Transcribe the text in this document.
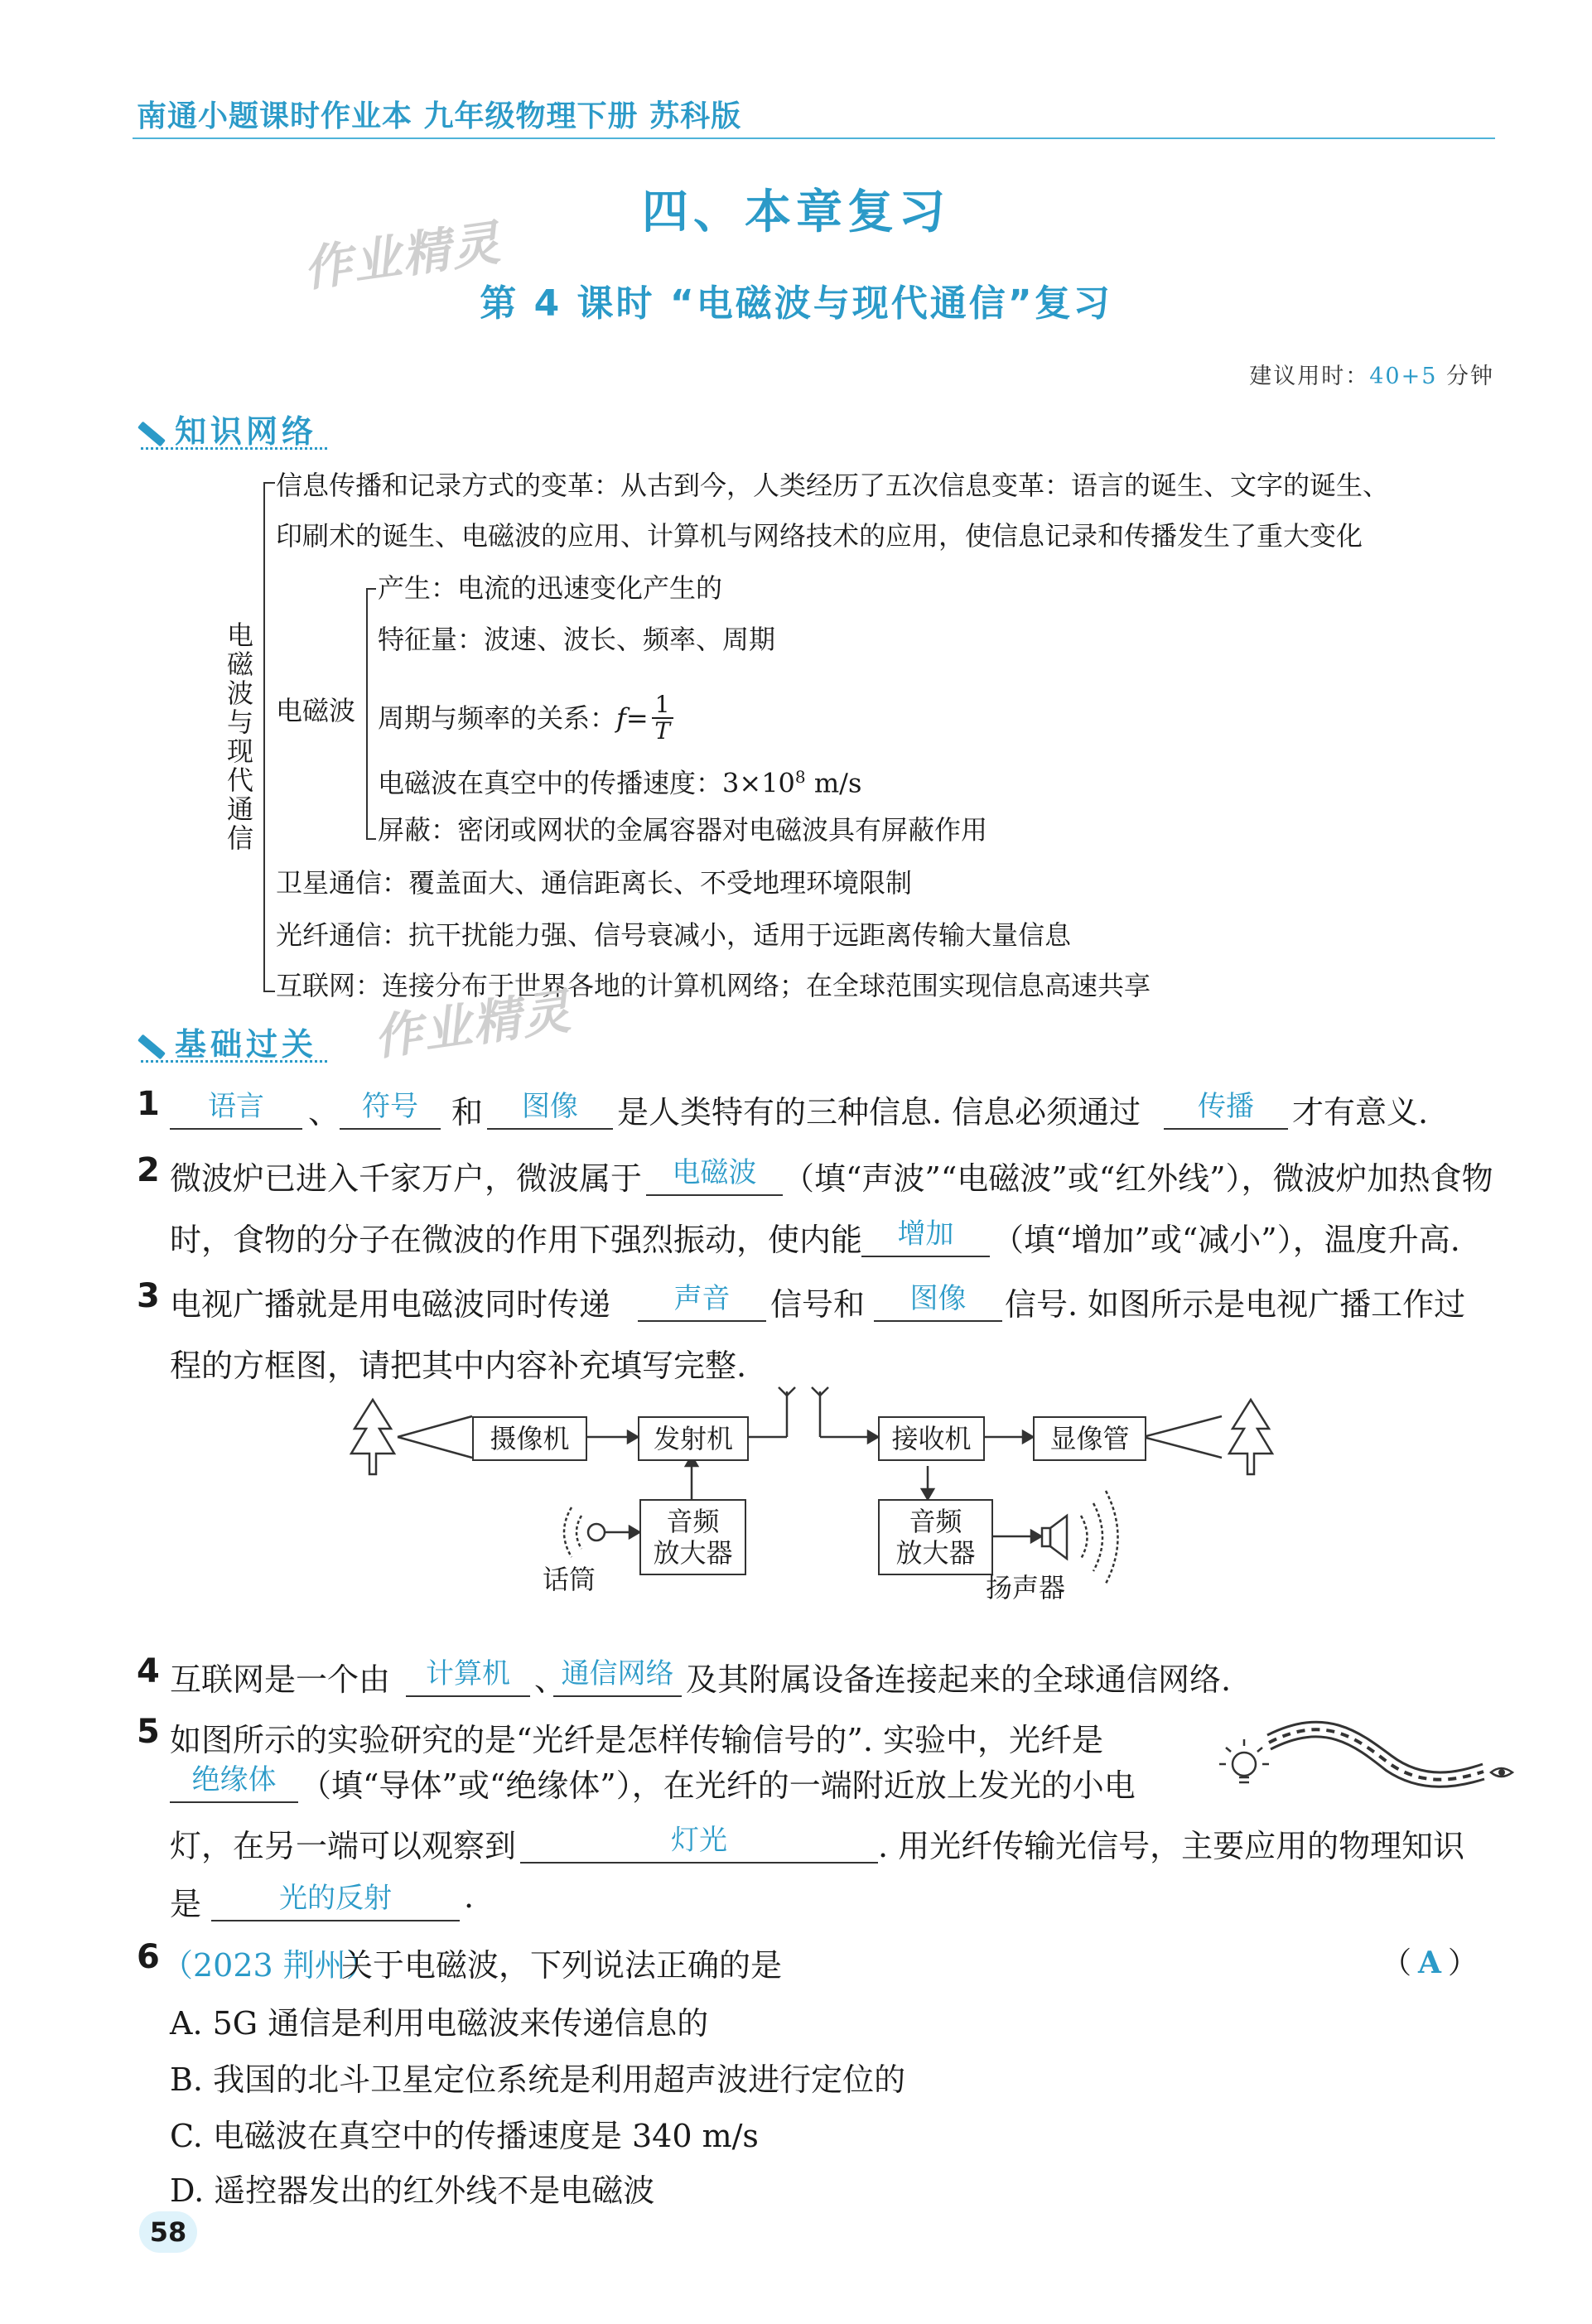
南通小题课时作业本 九年级物理下册 苏科版
四、本章复习
作业精灵
第 4 课时 “电磁波与现代通信”复习
建议用时：40+5 分钟
知识网络
电磁波与现代通信
信息传播和记录方式的变革：从古到今，人类经历了五次信息变革：语言的诞生、文字的诞生、
印刷术的诞生、电磁波的应用、计算机与网络技术的应用，使信息记录和传播发生了重大变化
电磁波
产生：电流的迅速变化产生的
特征量：波速、波长、频率、周期
周期与频率的关系： f = 1
T
电磁波在真空中的传播速度：$3\times 10^8$ m/s
屏蔽：密闭或网状的金属容器对电磁波具有屏蔽作用
卫星通信：覆盖面大、通信距离长、不受地理环境限制
光纤通信：抗干扰能力强、信号衰减小，适用于远距离传输大量信息
互联网：连接分布于世界各地的计算机网络；在全球范围实现信息高速共享
基础过关 作业精灵
1	语言	、 符号	和	图像	是人类特有的三种信息. 信息必须通过	传播	才有意义.
2 微波炉已进入千家万户，微波属于	电磁波 （填“声波”“电磁波”或“红外线”），微波炉加热食物
时，食物的分子在微波的作用下强烈振动，使内能	增加	（填“增加”或“减小”），温度升高.
3 电视广播就是用电磁波同时传递	声音	信号和	图像	信号. 如图所示是电视广播工作过
程的方框图，请把其中内容补充填写完整.
摄像机	发射机	接收机	显像管
音频
放大器
音频
放大器
话筒	扬声器
4 互联网是一个由	计算机 、
通信网络 及其附属设备连接起来的全球通信网络.
5 如图所示的实验研究的是“光纤是怎样传输信号的”. 实验中，光纤是
绝缘体 （填“导体”或“绝缘体”），在光纤的一端附近放上发光的小电
灯，在另一端可以观察到	灯光	. 用光纤传输光信号，主要应用的物理知识
是	光的反射	.
6 （2023 荆州）
关于电磁波，下列说法正确的是	（ A ）
A. 5G 通信是利用电磁波来传递信息的
B. 我国的北斗卫星定位系统是利用超声波进行定位的
C. 电磁波在真空中的传播速度是 340 m/s
D. 遥控器发出的红外线不是电磁波
58
